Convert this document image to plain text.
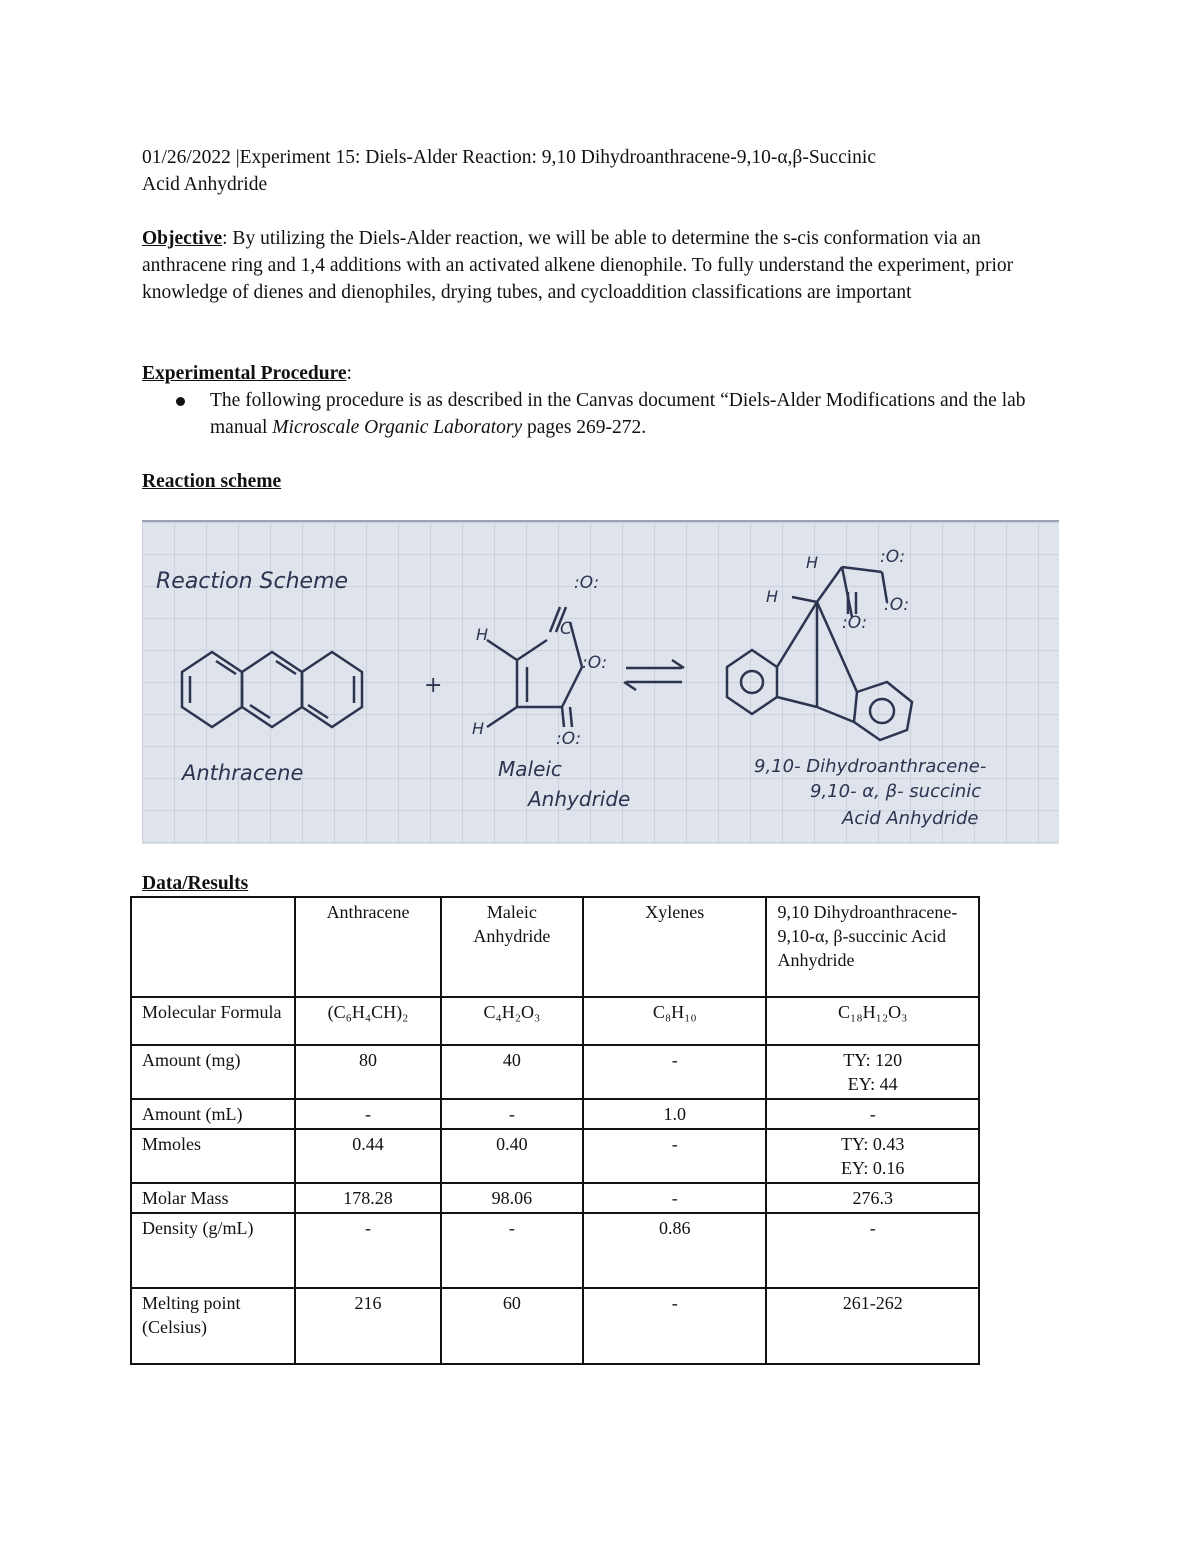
01/26/2022 |Experiment 15: Diels-Alder Reaction: 9,10 Dihydroanthracene-9,10-α,β-Succinic

Acid Anhydride

Objective: By utilizing the Diels-Alder reaction, we will be able to determine the s-cis conformation via an anthracene ring and 1,4 additions with an activated alkene dienophile. To fully understand the experiment, prior knowledge of dienes and dienophiles, drying tubes, and cycloaddition classifications are important

Experimental Procedure:

The following procedure is as described in the Canvas document “Diels-Alder Modifications and the lab manual Microscale Organic Laboratory pages 269-272.

Reaction scheme

Reaction Scheme
Anthracene
+
H
H
C
:O:
:O:
:O:
Maleic
Anhydride
H
H	:O:
:O:
:O:
9,10- Dihydroanthracene-
9,10- α, β- succinic
Acid Anhydride

Data/Results

	Anthracene	Maleic Anhydride	Xylenes	9,10 Dihydroanthracene-9,10-α, β-succinic Acid Anhydride
Molecular Formula	(C₆H₄CH)₂	C₄H₂O₃	C₈H₁₀	C₁₈H₁₂O₃
Amount (mg)	80	40	-	TY: 120
EY: 44

Amount (mL)	-	-	1.0	-
Mmoles	0.44	0.40	-	TY: 0.43
EY: 0.16

Molar Mass	178.28	98.06	-	276.3
Density (g/mL)	-	-	0.86	-
Melting point (Celsius)	216	60	-	261-262
